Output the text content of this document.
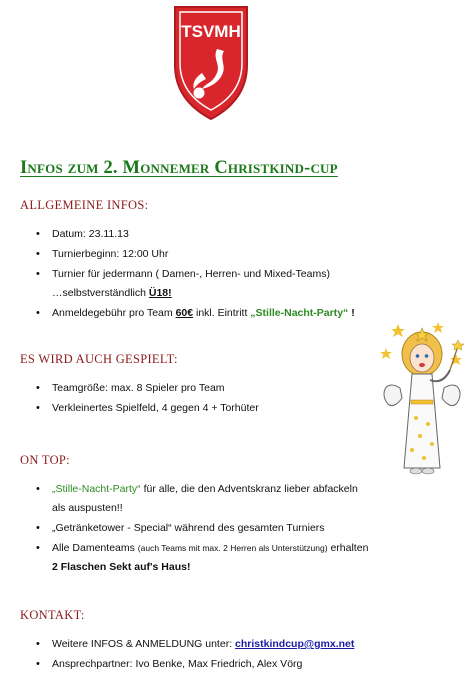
TSVMH
Infos zum 2. Monnemer Christkind-cup
ALLGEMEINE INFOS:
• Datum: 23.11.13
• Turnierbeginn: 12:00 Uhr
• Turnier für jedermann ( Damen-, Herren- und Mixed-Teams)
…selbstverständlich Ü18!
• Anmeldegebühr pro Team 60€ inkl. Eintritt „Stille-Nacht-Party“ !
ES WIRD AUCH GESPIELT:
• Teamgröße: max. 8 Spieler pro Team
• Verkleinertes Spielfeld, 4 gegen 4 + Torhüter
ON TOP:
• „Stille-Nacht-Party“ für alle, die den Adventskranz lieber abfackeln
als auspusten!!
• „Getränketower - Special“ während des gesamten Turniers
• Alle Damenteams (auch Teams mit max. 2 Herren als Unterstützung) erhalten
2 Flaschen Sekt auf's Haus!
KONTAKT:
• Weitere INFOS & ANMELDUNG unter: christkindcup@gmx.net
• Ansprechpartner: Ivo Benke, Max Friedrich, Alex Vörg
